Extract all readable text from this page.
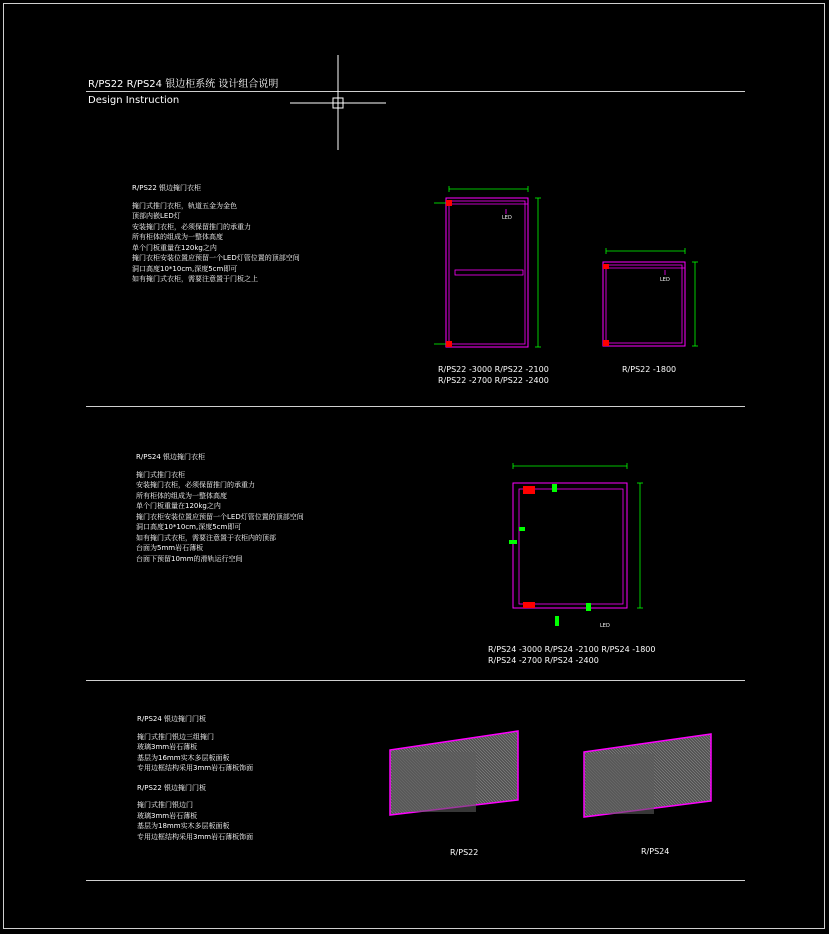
R/PS22 R/PS24 银边柜系统 设计组合说明
Design Instruction
R/PS22 银边掩门衣柜
掩门式推门衣柜，轨道五金为金色
顶部内嵌LED灯
安装掩门衣柜，必须保留推门的承重力
所有柜体的组成为一整体高度
单个门板重量在120kg之内
掩门衣柜安装位置应预留一个LED灯管位置的顶部空间
洞口高度10*10cm,深度5cm即可
如有掩门式衣柜，需要注意置于门板之上
R/PS24 银边掩门衣柜
掩门式推门衣柜
安装掩门衣柜，必须保留推门的承重力
所有柜体的组成为一整体高度
单个门板重量在120kg之内
掩门衣柜安装位置应预留一个LED灯管位置的顶部空间
洞口高度10*10cm,深度5cm即可
如有掩门式衣柜，需要注意置于衣柜内的顶部
台面为5mm岩石薄板
台面下预留10mm的滑轨运行空间
R/PS24 银边掩门门板
掩门式推门银边三组掩门
玻璃3mm岩石薄板
基层为16mm实木多层板面板
专用边框结构采用3mm岩石薄板饰面
R/PS22 银边掩门门板
掩门式推门银边门
玻璃3mm岩石薄板
基层为18mm实木多层板面板
专用边框结构采用3mm岩石薄板饰面
LED
LED
LED
R/PS22 -3000 R/PS22 -2100
R/PS22 -2700 R/PS22 -2400
R/PS22 -1800
R/PS24 -3000 R/PS24 -2100 R/PS24 -1800
R/PS24 -2700 R/PS24 -2400
R/PS22	R/PS24
